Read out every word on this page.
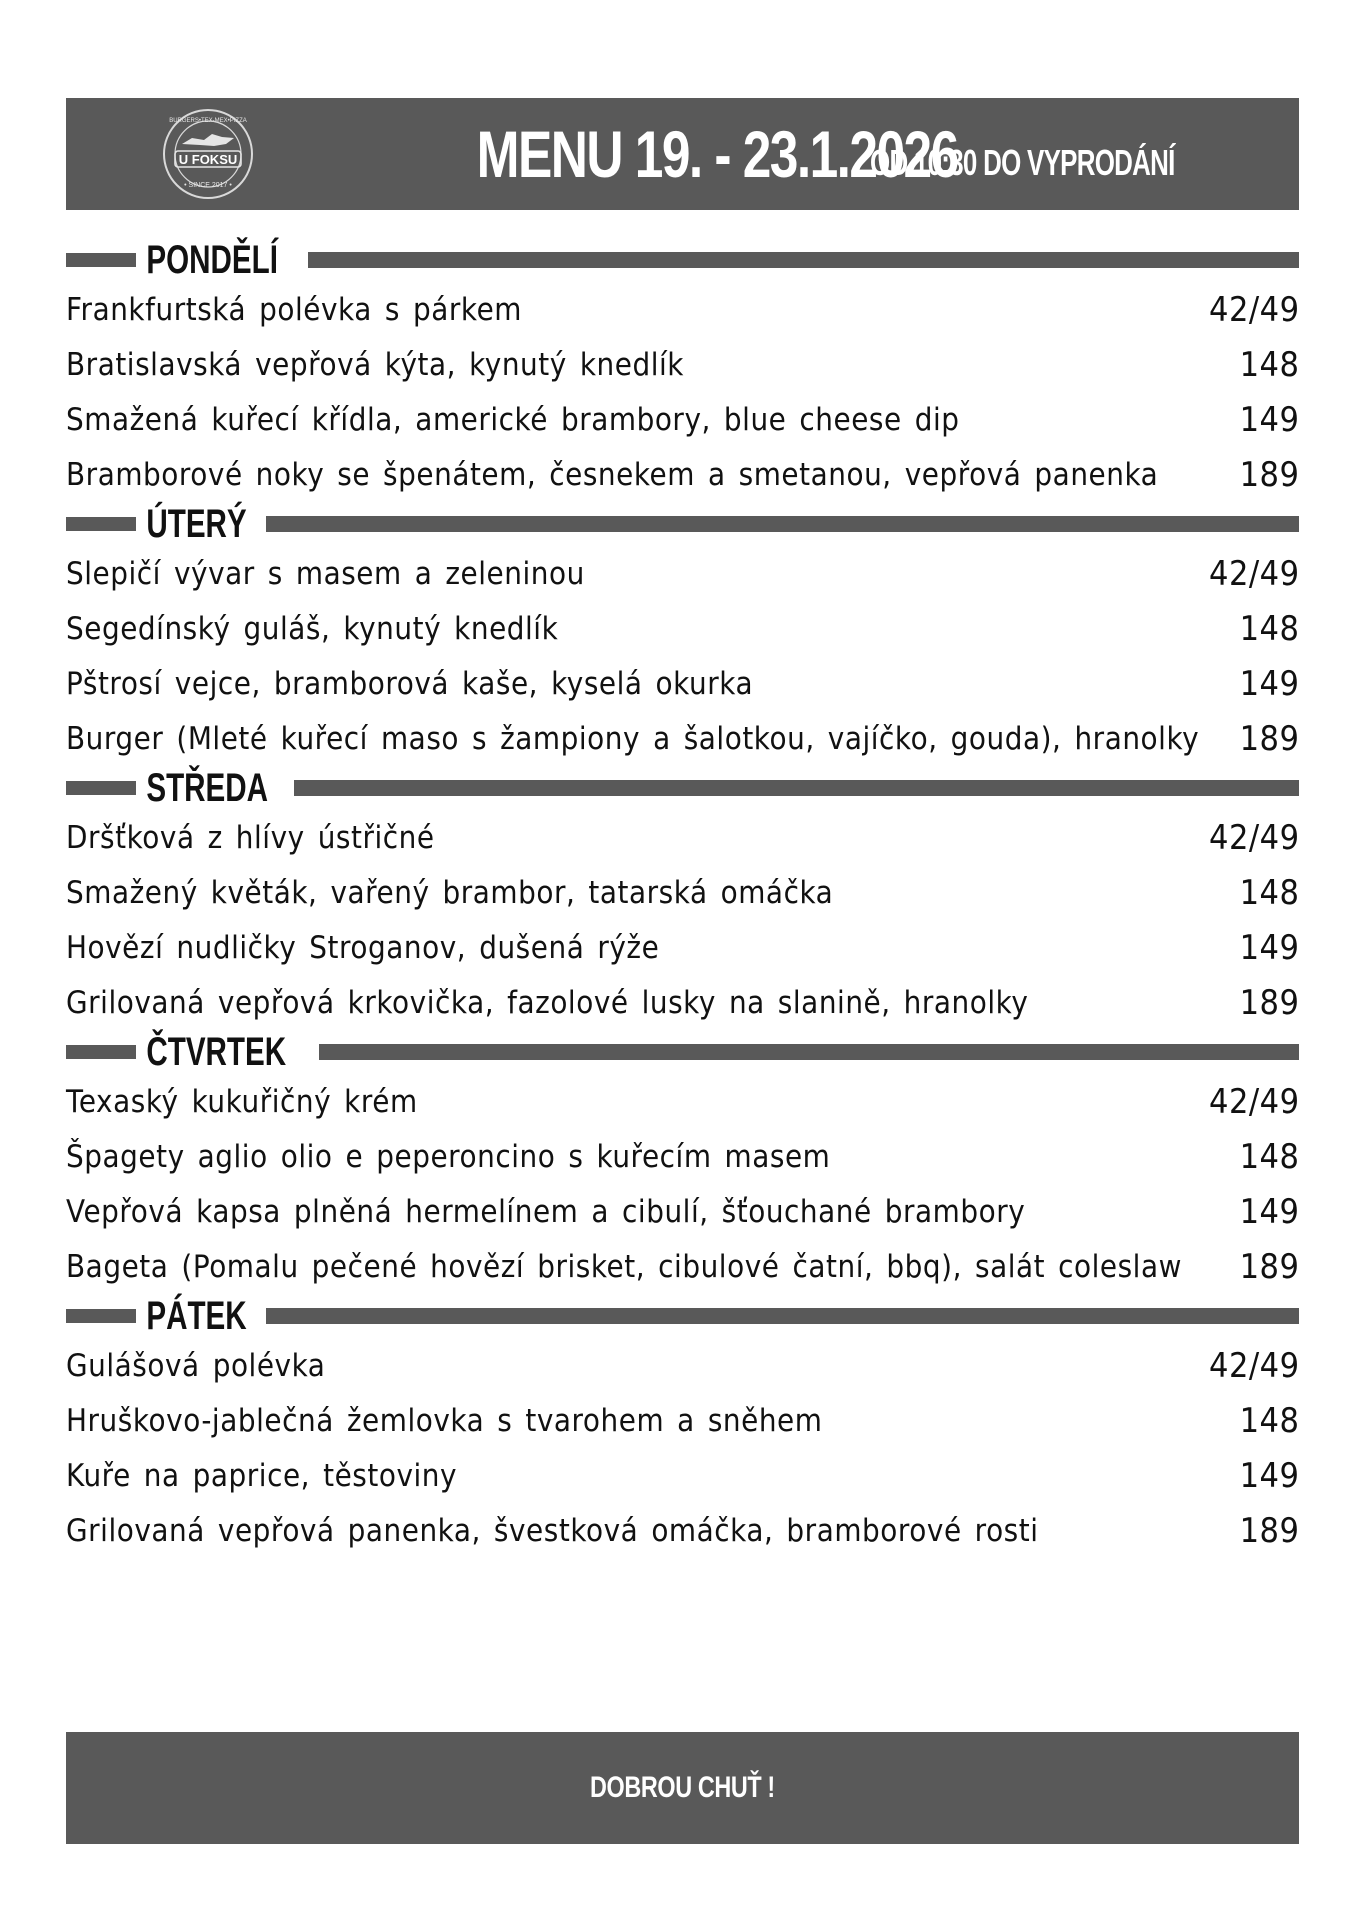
U FOKSU
BURGERS•TEX-MEX•PIZZA
• SINCE 2017 •	MENU 19. - 23.1.2026
OD 10:30 DO VYPRODÁNÍ
PONDĚLÍ
Frankfurtská polévka s párkem	42/49
Bratislavská vepřová kýta, kynutý knedlík	148
Smažená kuřecí křídla, americké brambory, blue cheese dip	149
Bramborové noky se špenátem, česnekem a smetanou, vepřová panenka 189
ÚTERÝ
Slepičí vývar s masem a zeleninou	42/49
Segedínský guláš, kynutý knedlík	148
Pštrosí vejce, bramborová kaše, kyselá okurka	149
Burger (Mleté kuřecí maso s žampiony a šalotkou, vajíčko, gouda), hranolky 189
STŘEDA
Dršťková z hlívy ústřičné	42/49
Smažený květák, vařený brambor, tatarská omáčka	148
Hovězí nudličky Stroganov, dušená rýže	149
Grilovaná vepřová krkovička, fazolové lusky na slanině, hranolky	189
ČTVRTEK
Texaský kukuřičný krém	42/49
Špagety aglio olio e peperoncino s kuřecím masem	148
Vepřová kapsa plněná hermelínem a cibulí, šťouchané brambory	149
Bageta (Pomalu pečené hovězí brisket, cibulové čatní, bbq), salát coleslaw 189
PÁTEK
Gulášová polévka	42/49
Hruškovo-jablečná žemlovka s tvarohem a sněhem	148
Kuře na paprice, těstoviny	149
Grilovaná vepřová panenka, švestková omáčka, bramborové rosti	189
DOBROU CHUŤ !
